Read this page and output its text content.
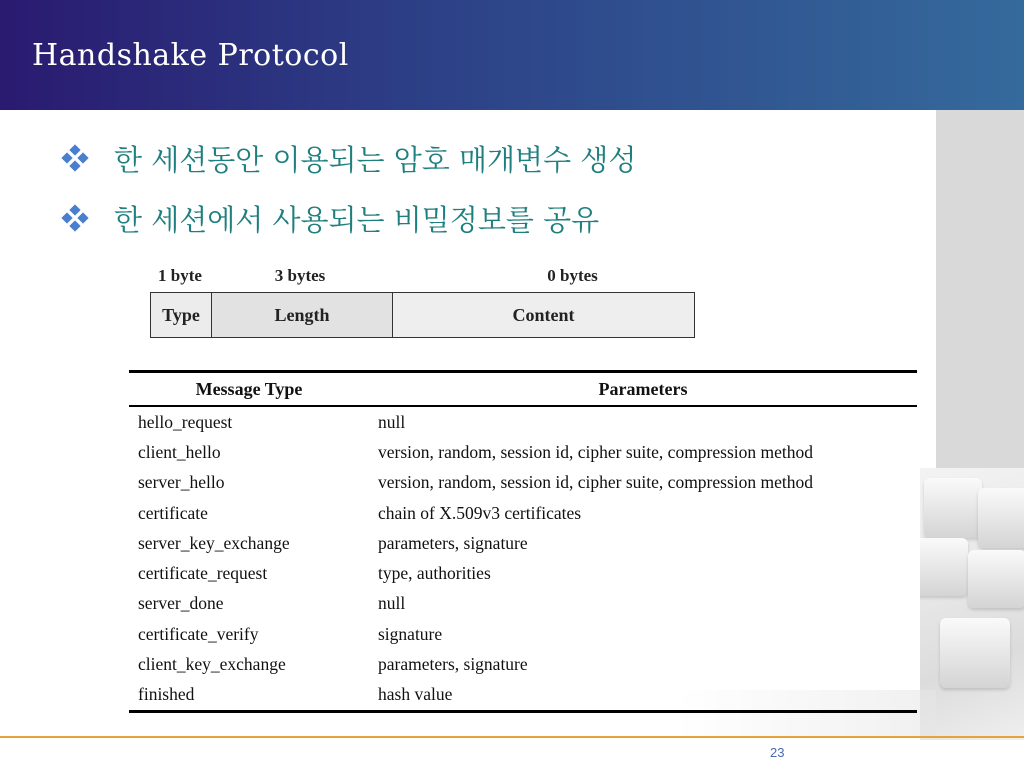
Handshake Protocol
한 세션동안 이용되는 암호 매개변수 생성
한 세션에서 사용되는 비밀정보를 공유
1 byte	3 bytes	0 bytes
Type	Length	Content
Message Type	Parameters
hello_request	null
client_hello	version, random, session id, cipher suite, compression method
server_hello	version, random, session id, cipher suite, compression method
certificate	chain of X.509v3 certificates
server_key_exchange	parameters, signature
certificate_request	type, authorities
server_done	null
certificate_verify	signature
client_key_exchange	parameters, signature
finished	hash value
23
